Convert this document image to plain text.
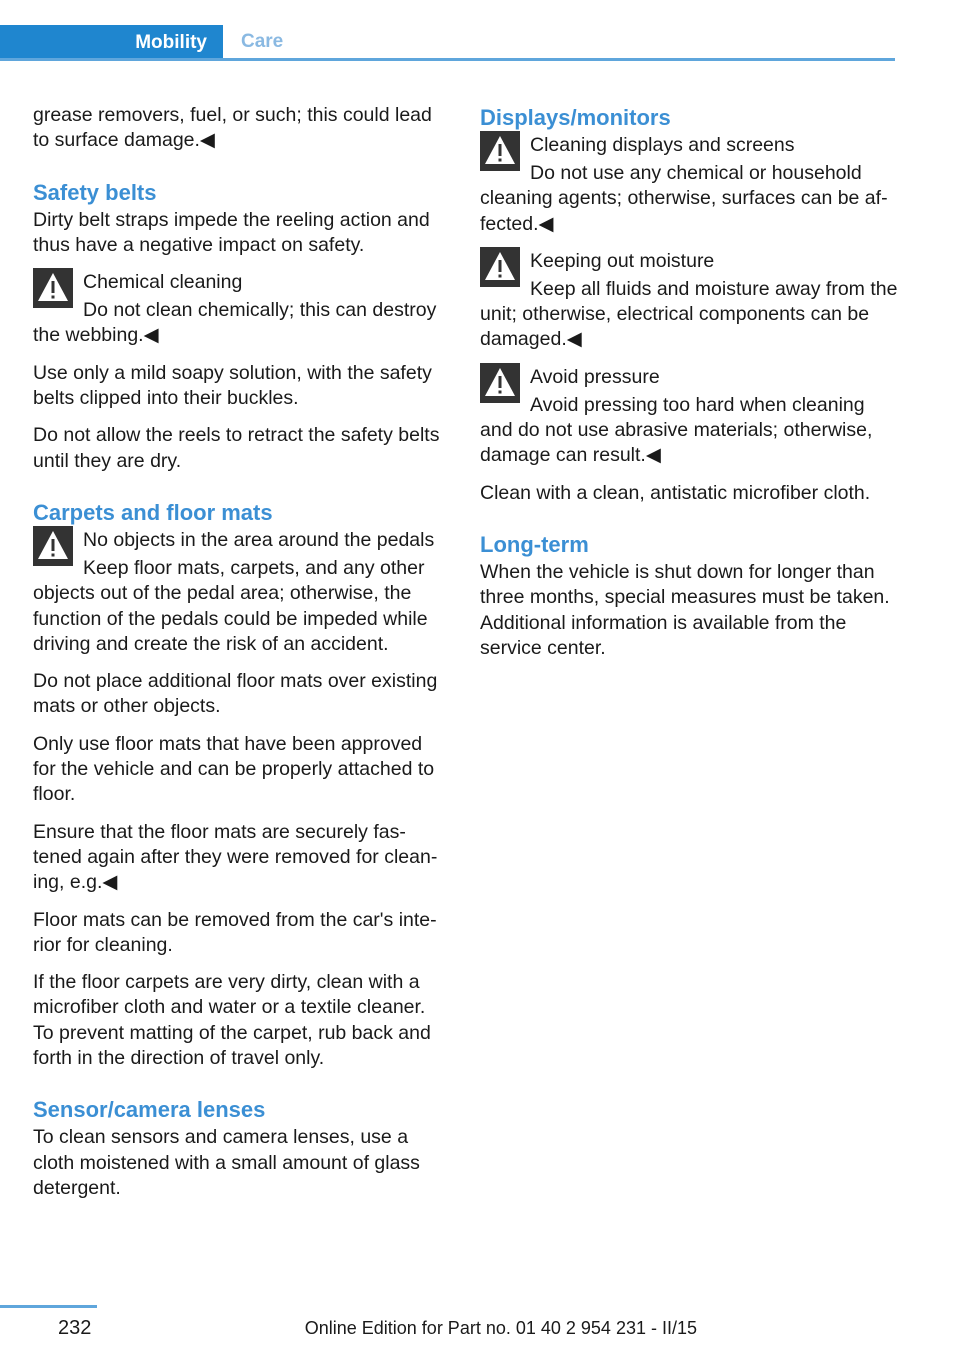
Mobility	Care

grease removers, fuel, or such; this could lead to surface damage.◀

Safety belts

Dirty belt straps impede the reeling action and thus have a negative impact on safety.

Chemical cleaning
Do not clean chemically; this can destroy the webbing.◀

Use only a mild soapy solution, with the safety belts clipped into their buckles.

Do not allow the reels to retract the safety belts until they are dry.

Carpets and floor mats
No objects in the area around the pedals
Keep floor mats, carpets, and any other objects out of the pedal area; otherwise, the function of the pedals could be impeded while driving and create the risk of an accident.

Do not place additional floor mats over existing mats or other objects.

Only use floor mats that have been approved for the vehicle and can be properly attached to floor.

Ensure that the floor mats are securely fastened again after they were removed for cleaning, e.g.◀

Floor mats can be removed from the car's interior for cleaning.

If the floor carpets are very dirty, clean with a microfiber cloth and water or a textile cleaner. To prevent matting of the carpet, rub back and forth in the direction of travel only.

Sensor/camera lenses

To clean sensors and camera lenses, use a cloth moistened with a small amount of glass detergent.

Displays/monitors
Cleaning displays and screens
Do not use any chemical or household cleaning agents; otherwise, surfaces can be affected.◀
Keeping out moisture
Keep all fluids and moisture away from the unit; otherwise, electrical components can be damaged.◀
Avoid pressure
Avoid pressing too hard when cleaning and do not use abrasive materials; otherwise, damage can result.◀

Clean with a clean, antistatic microfiber cloth.

Long-term

When the vehicle is shut down for longer than three months, special measures must be taken. Additional information is available from the service center.

232	Online Edition for Part no. 01 40 2 954 231 - II/15
